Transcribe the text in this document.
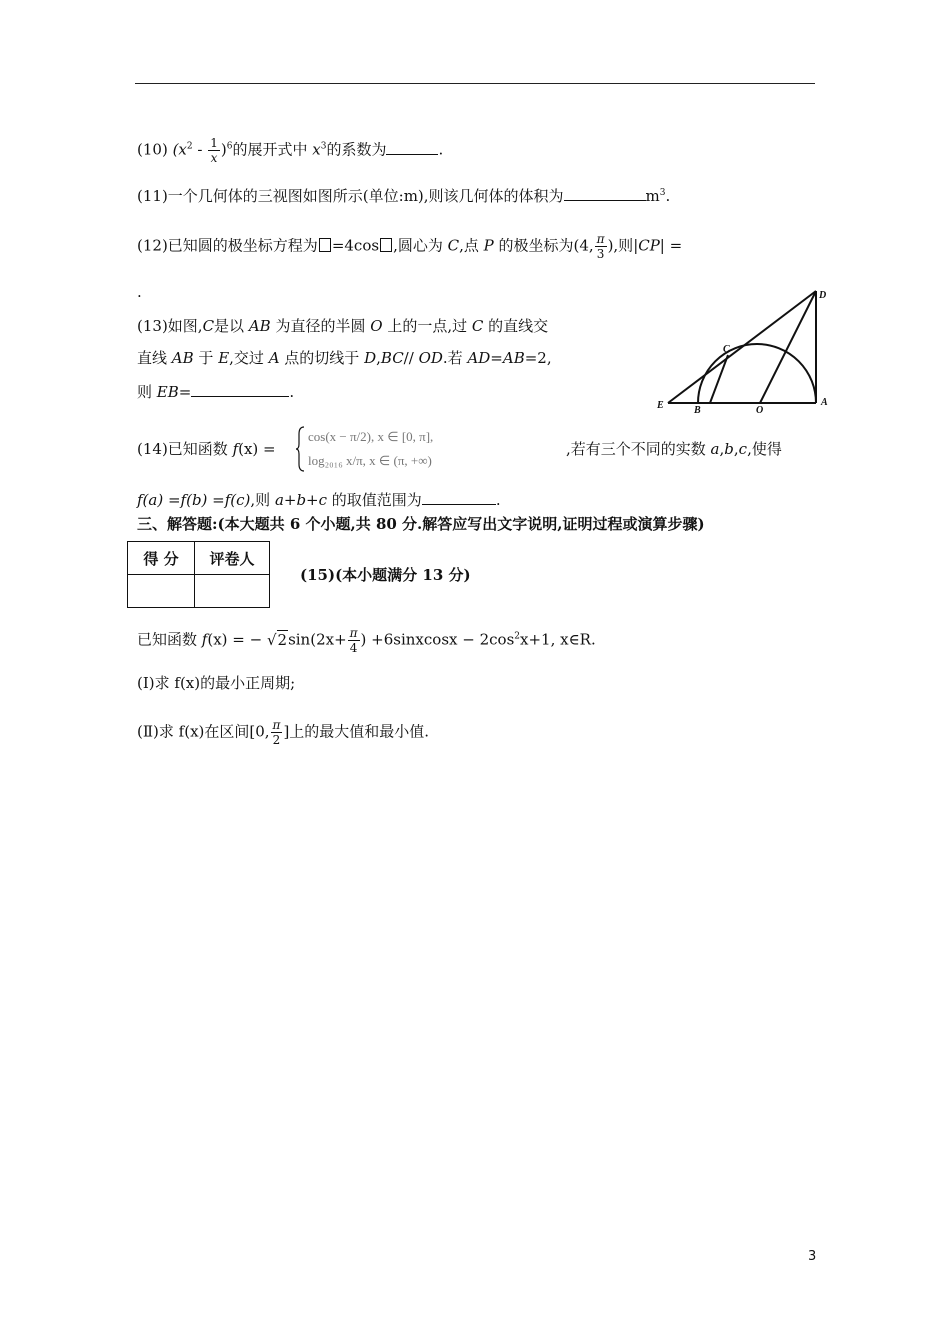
(10) $(x^2 - \frac{1}{x} )^6$的展开式中 $x^3$的系数为	.
(11)一个几何体的三视图如图所示(单位:m),则该几何体的体积为	$m^3$.
(12)已知圆的极坐标方程为 =4cos ,圆心为 C,点 P 的极坐标为(4, $\frac{\pi}{3}$ ),则|CP| =
.
(13)如图,C是以 AB 为直径的半圆 O 上的一点,过 C 的直线交
直线 AB 于 E,交过 A 点的切线于 D,BC// OD.若 AD=AB=2,
则 EB=	.
D
C
E	B	O
A
(14)已知函数 f(x) =
cos(x − π/2), x ∈ [0, π],
log₂₀₁₆ x/π, x ∈ (π, +∞)
,若有三个不同的实数 a,b,c,使得
f(a) =f(b) =f(c),则 a+b+c 的取值范围为	.
三、解答题:(本大题共 6 个小题,共 80 分.解答应写出文字说明,证明过程或演算步骤)
得 分	评卷人

(15)(本小题满分 13 分)
已知函数 f(x) = − $√2\sin(2x+ \frac{\pi}{4}$ ) +6sinxcosx − $2\cos^2x+1$, x∈R.
(Ⅰ)求 f(x)的最小正周期;
(Ⅱ)求 f(x)在区间[0, $\frac{\pi}{2}$ ]上的最大值和最小值.
3
